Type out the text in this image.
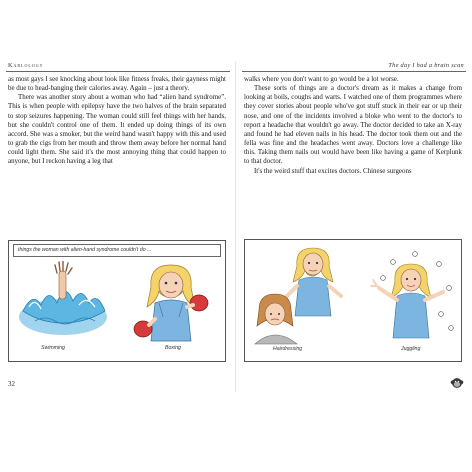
Karlology

as most gays I see knocking about look like fitness freaks, their gayness might be due to head-banging their calories away. Again – just a theory.

There was another story about a woman who had “alien hand syndrome”. This is when people with epilepsy have the two halves of the brain separated to stop seizures happening. The woman could still feel things with her hands, but she couldn't control one of them. It ended up doing things of its own accord. She was a smoker, but the weird hand wasn't happy with this and used to grab the cigs from her mouth and throw them away before her normal hand could light them. She said it's the most annoying thing that could happen to anyone, but I reckon having a leg that

things the woman with alien-hand syndrome couldn't do ...
Swimming	Boxing
32
The day I had a brain scan

walks where you don't want to go would be a lot worse.

These sorts of things are a doctor's dream as it makes a change from looking at boils, coughs and warts. I watched one of them programmes where they cover stories about people who've got stuff stuck in their ear or up their nose, and one of the incidents involved a bloke who went to the doctor's to report a headache that wouldn't go away. The doctor decided to take an X-ray and found he had eleven nails in his head. The doctor took them out and the fella was fine and the headaches went away. Doctors love a challenge like this. Taking them nails out would have been like having a game of Kerplunk to that doctor.

It's the weird stuff that excites doctors. Chinese surgeons

Hairdressing	Juggling
